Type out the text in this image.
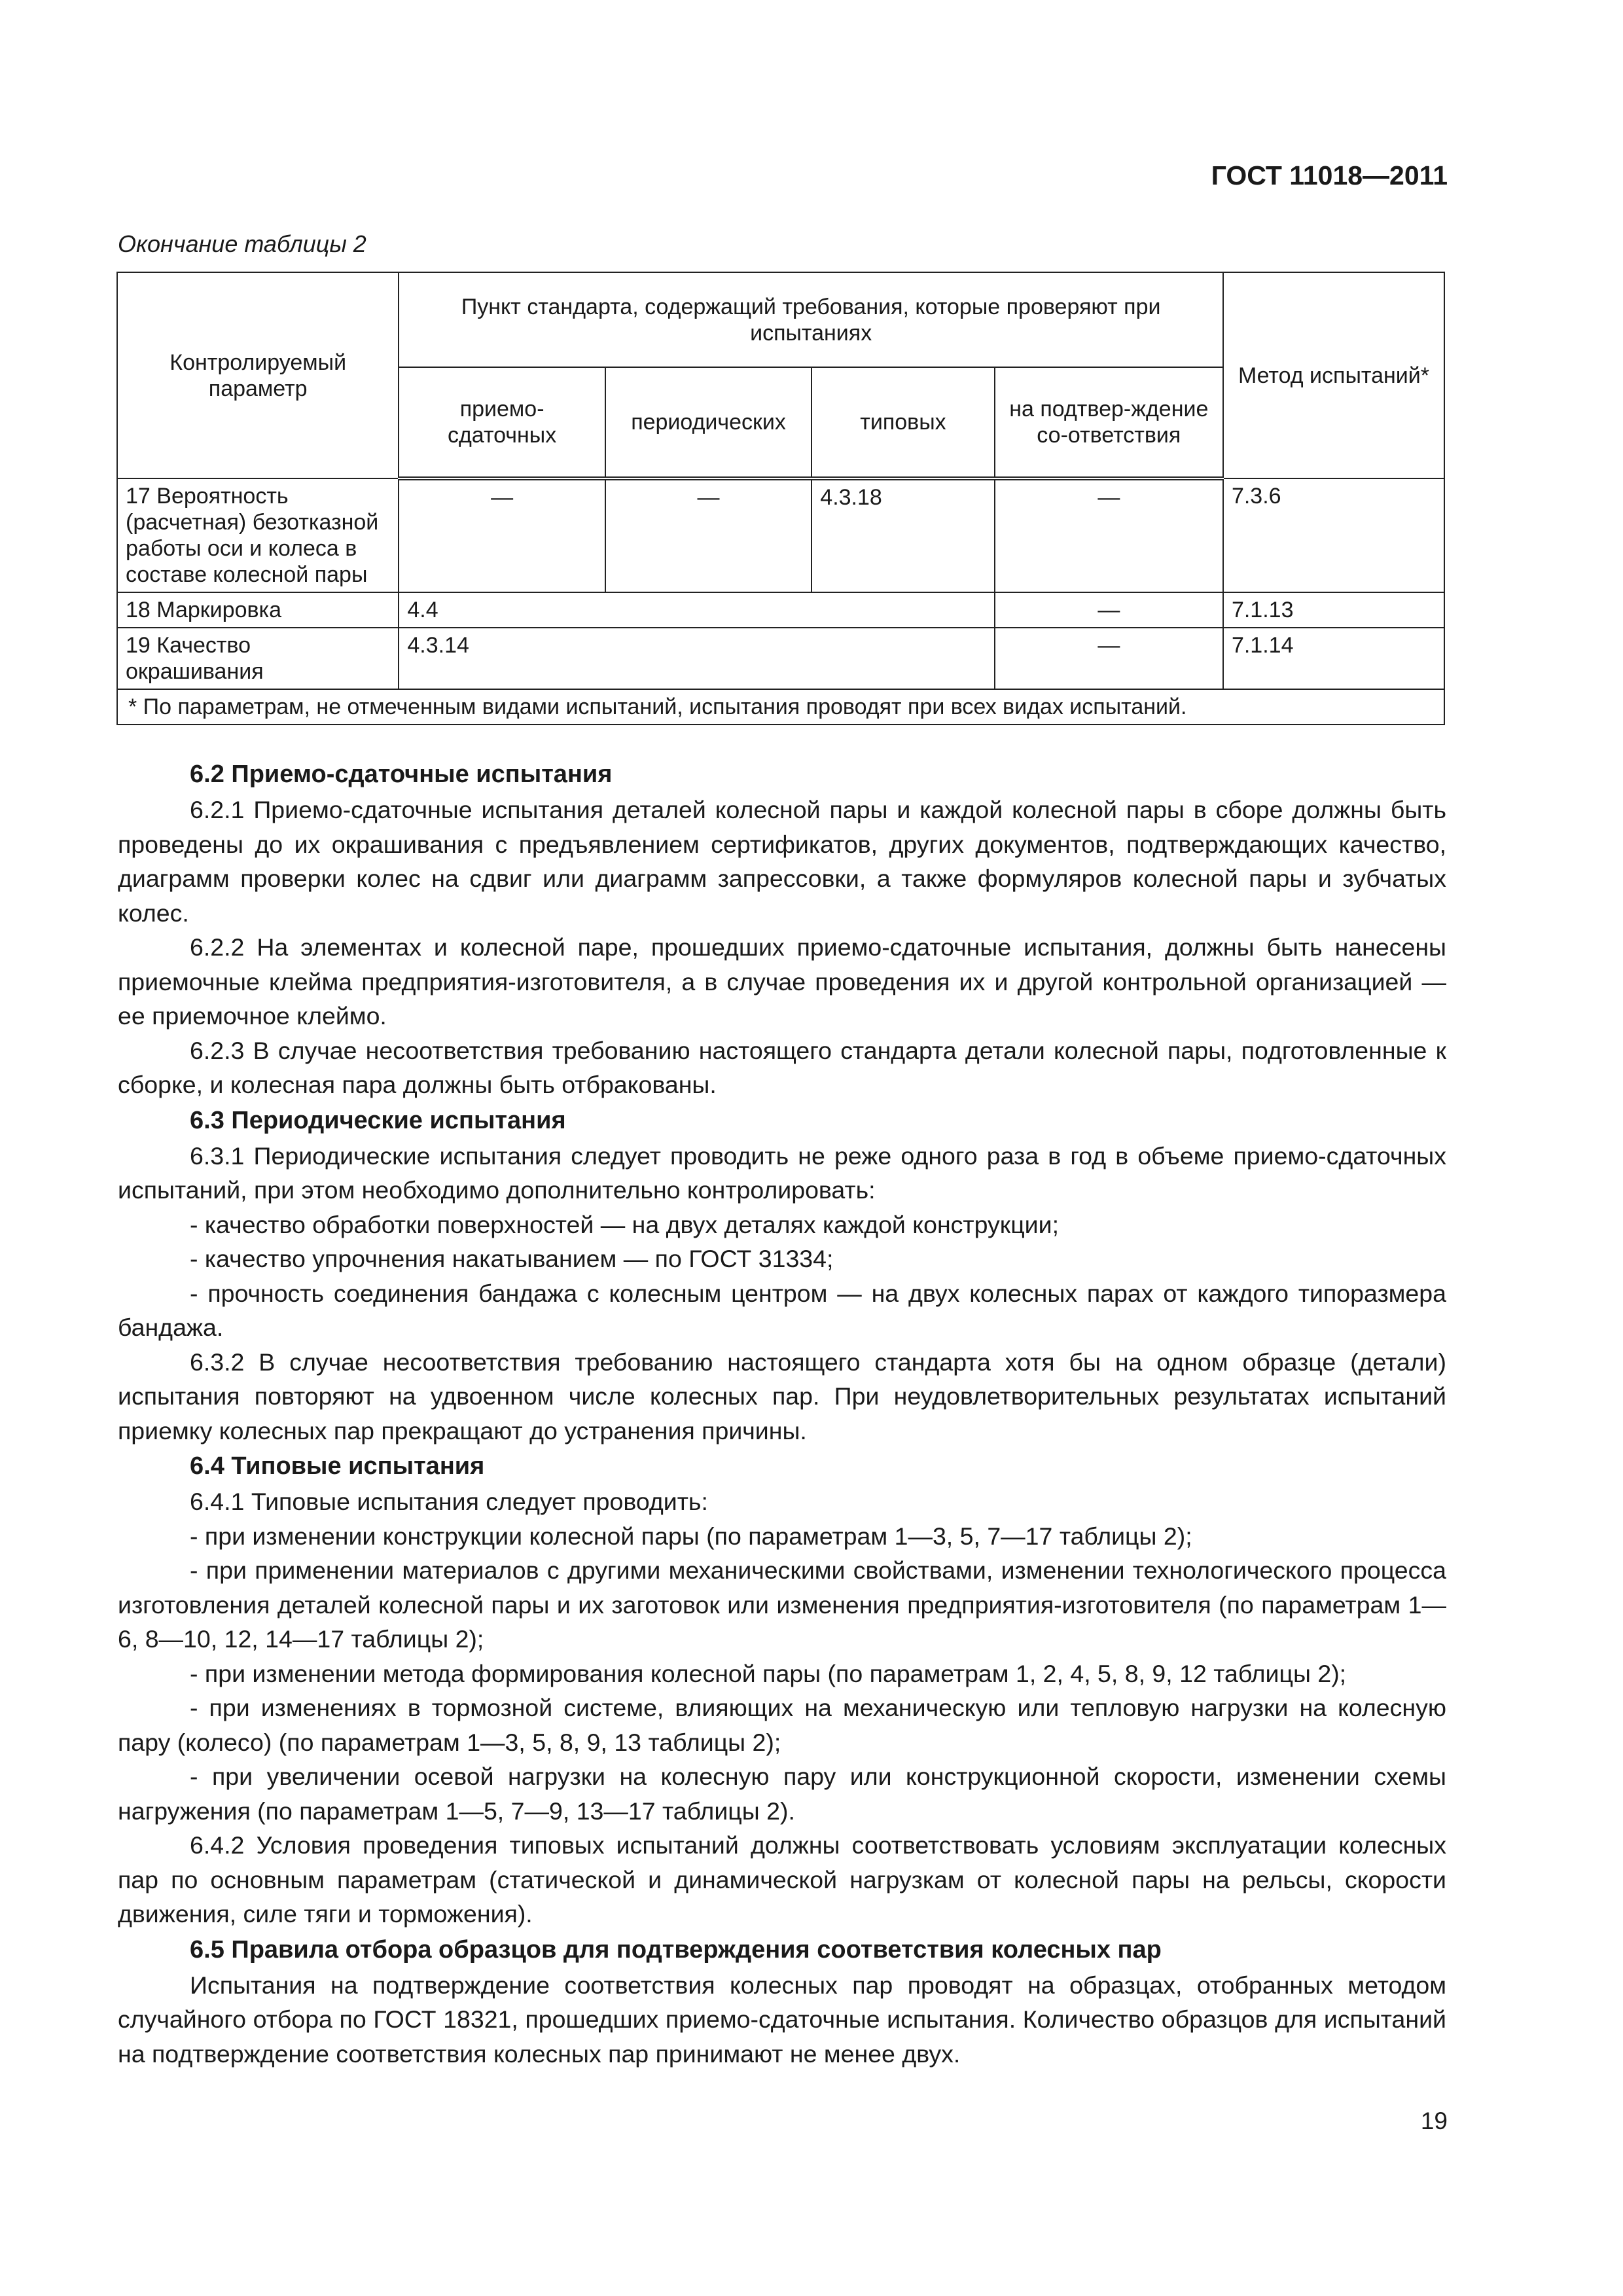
ГОСТ 11018—2011
Окончание таблицы 2
Контролируемый параметр	Пункт стандарта, содержащий требования, которые проверяют при испытаниях				Метод испытаний*
	приемо-сдаточных	периодических	типовых	на подтвер-ждение со-ответствия	
17 Вероятность (расчетная) безотказной работы оси и колеса в составе колесной пары	—	—	4.3.18	—	7.3.6
18 Маркировка	4.4			—	7.1.13
19 Качество окрашивания	4.3.14			—	7.1.14
* По параметрам, не отмеченным видами испытаний, испытания проводят при всех видах испытаний.					
6.2 Приемо-сдаточные испытания

6.2.1 Приемо-сдаточные испытания деталей колесной пары и каждой колесной пары в сборе должны быть проведены до их окрашивания с предъявлением сертификатов, других документов, подтверждающих качество, диаграмм проверки колес на сдвиг или диаграмм запрессовки, а также формуляров колесной пары и зубчатых колес.

6.2.2 На элементах и колесной паре, прошедших приемо-сдаточные испытания, должны быть нанесены приемочные клейма предприятия-изготовителя, а в случае проведения их и другой контрольной организацией — ее приемочное клеймо.

6.2.3 В случае несоответствия требованию настоящего стандарта детали колесной пары, подготовленные к сборке, и колесная пара должны быть отбракованы.

6.3 Периодические испытания

6.3.1 Периодические испытания следует проводить не реже одного раза в год в объеме приемо-сдаточных испытаний, при этом необходимо дополнительно контролировать:

- качество обработки поверхностей — на двух деталях каждой конструкции;

- качество упрочнения накатыванием — по ГОСТ 31334;

- прочность соединения бандажа с колесным центром — на двух колесных парах от каждого типоразмера бандажа.

6.3.2 В случае несоответствия требованию настоящего стандарта хотя бы на одном образце (детали) испытания повторяют на удвоенном числе колесных пар. При неудовлетворительных результатах испытаний приемку колесных пар прекращают до устранения причины.

6.4 Типовые испытания

6.4.1 Типовые испытания следует проводить:

- при изменении конструкции колесной пары (по параметрам 1—3, 5, 7—17 таблицы 2);

- при применении материалов с другими механическими свойствами, изменении технологического процесса изготовления деталей колесной пары и их заготовок или изменения предприятия-изготовителя (по параметрам 1—6, 8—10, 12, 14—17 таблицы 2);

- при изменении метода формирования колесной пары (по параметрам 1, 2, 4, 5, 8, 9, 12 таблицы 2);

- при изменениях в тормозной системе, влияющих на механическую или тепловую нагрузки на колесную пару (колесо) (по параметрам 1—3, 5, 8, 9, 13 таблицы 2);

- при увеличении осевой нагрузки на колесную пару или конструкционной скорости, изменении схемы нагружения (по параметрам 1—5, 7—9, 13—17 таблицы 2).

6.4.2 Условия проведения типовых испытаний должны соответствовать условиям эксплуатации колесных пар по основным параметрам (статической и динамической нагрузкам от колесной пары на рельсы, скорости движения, силе тяги и торможения).

6.5 Правила отбора образцов для подтверждения соответствия колесных пар

Испытания на подтверждение соответствия колесных пар проводят на образцах, отобранных методом случайного отбора по ГОСТ 18321, прошедших приемо-сдаточные испытания. Количество образцов для испытаний на подтверждение соответствия колесных пар принимают не менее двух.

19
